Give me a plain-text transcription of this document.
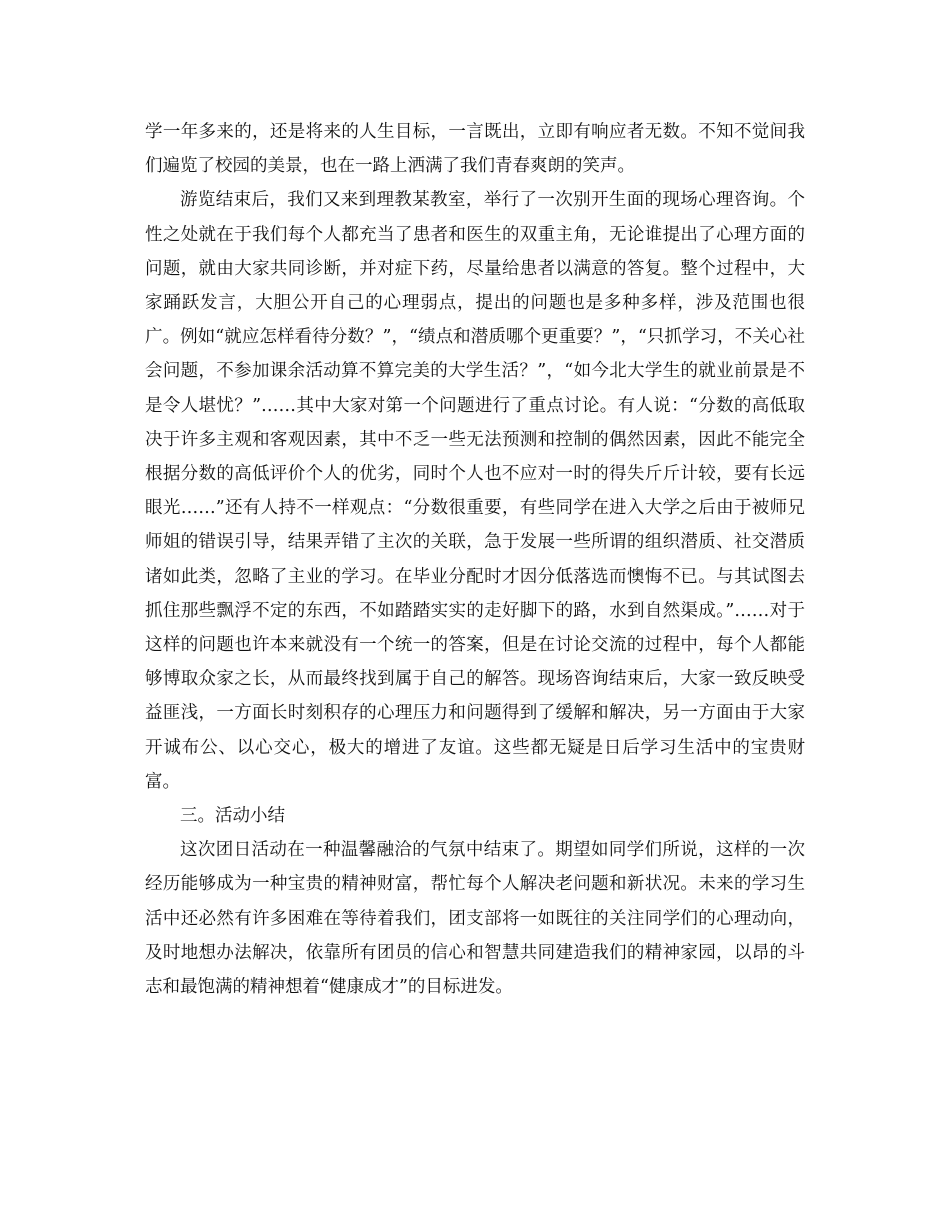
学一年多来的，还是将来的人生目标，一言既出，立即有响应者无数。不知不觉间我们遍览了校园的美景，也在一路上洒满了我们青春爽朗的笑声。

游览结束后，我们又来到理教某教室，举行了一次别开生面的现场心理咨询。个性之处就在于我们每个人都充当了患者和医生的双重主角，无论谁提出了心理方面的问题，就由大家共同诊断，并对症下药，尽量给患者以满意的答复。整个过程中，大家踊跃发言，大胆公开自己的心理弱点，提出的问题也是多种多样，涉及范围也很广。例如“就应怎样看待分数？”，“绩点和潜质哪个更重要？”，“只抓学习，不关心社会问题，不参加课余活动算不算完美的大学生活？”，“如今北大学生的就业前景是不是令人堪忧？”……其中大家对第一个问题进行了重点讨论。有人说：“分数的高低取决于许多主观和客观因素，其中不乏一些无法预测和控制的偶然因素，因此不能完全根据分数的高低评价个人的优劣，同时个人也不应对一时的得失斤斤计较，要有长远眼光……”还有人持不一样观点：“分数很重要，有些同学在进入大学之后由于被师兄师姐的错误引导，结果弄错了主次的关联，急于发展一些所谓的组织潜质、社交潜质诸如此类，忽略了主业的学习。在毕业分配时才因分低落选而懊悔不已。与其试图去抓住那些飘浮不定的东西，不如踏踏实实的走好脚下的路，水到自然渠成。”……对于这样的问题也许本来就没有一个统一的答案，但是在讨论交流的过程中，每个人都能够博取众家之长，从而最终找到属于自己的解答。现场咨询结束后，大家一致反映受益匪浅，一方面长时刻积存的心理压力和问题得到了缓解和解决，另一方面由于大家开诚布公、以心交心，极大的增进了友谊。这些都无疑是日后学习生活中的宝贵财富。

三。活动小结

这次团日活动在一种温馨融洽的气氛中结束了。期望如同学们所说，这样的一次经历能够成为一种宝贵的精神财富，帮忙每个人解决老问题和新状况。未来的学习生活中还必然有许多困难在等待着我们，团支部将一如既往的关注同学们的心理动向，及时地想办法解决，依靠所有团员的信心和智慧共同建造我们的精神家园，以昂的斗志和最饱满的精神想着“健康成才”的目标进发。
